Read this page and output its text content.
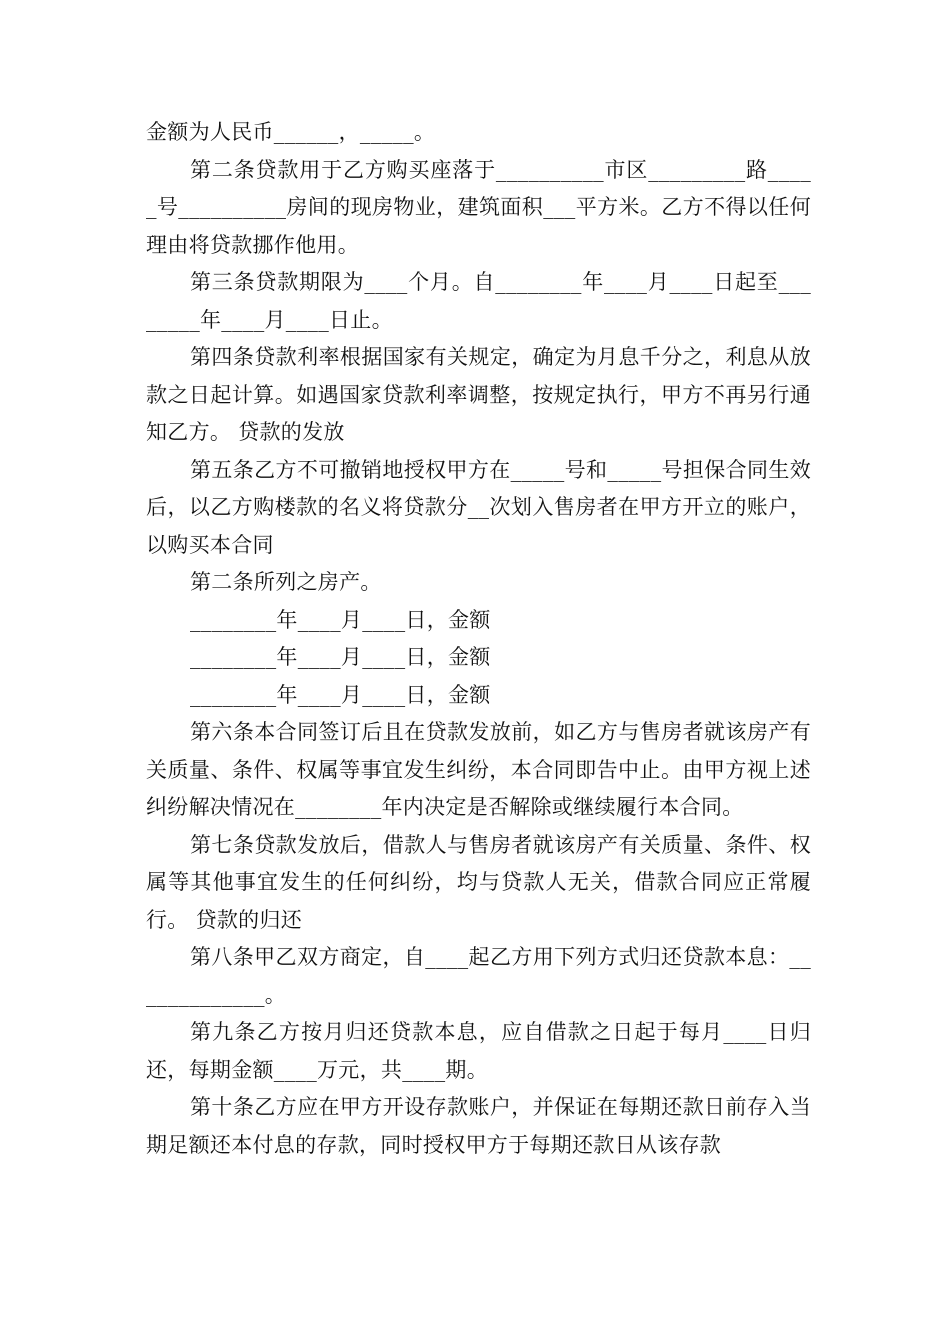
金额为人民币______，_____。

第二条贷款用于乙方购买座落于__________市区_________路_____号__________房间的现房物业，建筑面积___平方米。乙方不得以任何理由将贷款挪作他用。

第三条贷款期限为____个月。自________年____月____日起至________年____月____日止。

第四条贷款利率根据国家有关规定，确定为月息千分之，利息从放款之日起计算。如遇国家贷款利率调整，按规定执行，甲方不再另行通知乙方。 贷款的发放

第五条乙方不可撤销地授权甲方在_____号和_____号担保合同生效后，以乙方购楼款的名义将贷款分__次划入售房者在甲方开立的账户，以购买本合同

第二条所列之房产。

________年____月____日，金额

________年____月____日，金额

________年____月____日，金额

第六条本合同签订后且在贷款发放前，如乙方与售房者就该房产有关质量、条件、权属等事宜发生纠纷，本合同即告中止。由甲方视上述纠纷解决情况在________年内决定是否解除或继续履行本合同。

第七条贷款发放后，借款人与售房者就该房产有关质量、条件、权属等其他事宜发生的任何纠纷，均与贷款人无关，借款合同应正常履行。 贷款的归还

第八条甲乙双方商定，自____起乙方用下列方式归还贷款本息：_____________。

第九条乙方按月归还贷款本息，应自借款之日起于每月____日归还，每期金额____万元，共____期。

第十条乙方应在甲方开设存款账户，并保证在每期还款日前存入当期足额还本付息的存款，同时授权甲方于每期还款日从该存款
